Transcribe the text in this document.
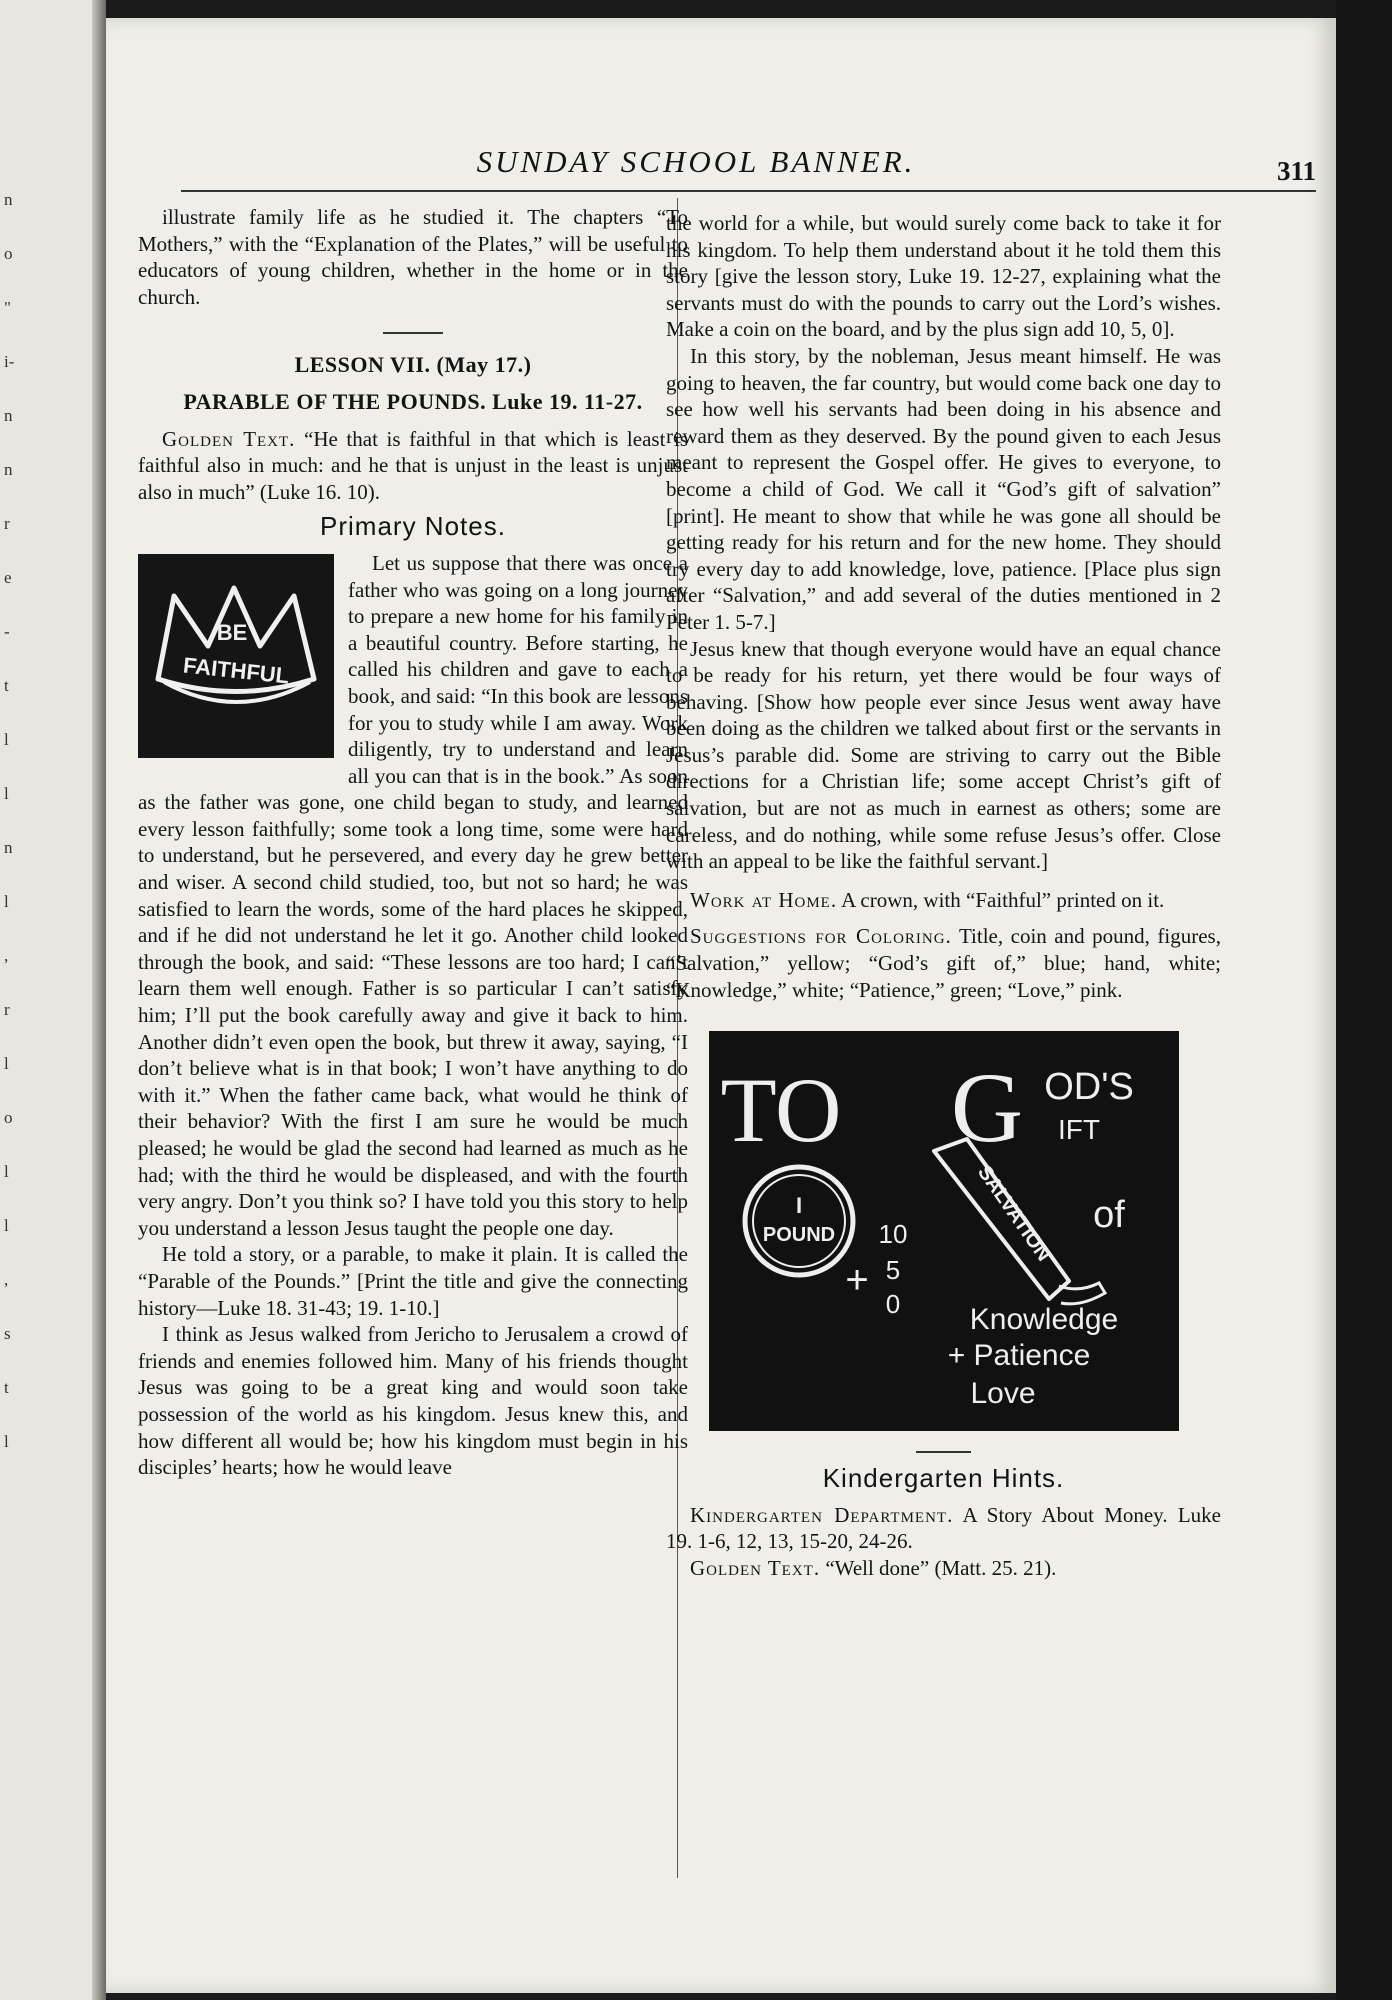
n
o
"
i-
n
n
r
e
-
t
l
l
n
l
,
r
l
o
l
l
,
s
t
l
SUNDAY SCHOOL BANNER.	311

illustrate family life as he studied it. The chapters “To Mothers,” with the “Explanation of the Plates,” will be useful to educators of young children, whether in the home or in the church.

LESSON VII. (May 17.)
PARABLE OF THE POUNDS. Luke 19. 11-27.

Golden Text. “He that is faithful in that which is least is faithful also in much: and he that is unjust in the least is unjust also in much” (Luke 16. 10).

Primary Notes.
BE
FAITHFUL

Let us suppose that there was once a father who was going on a long journey to prepare a new home for his family in a beautiful country. Before starting, he called his children and gave to each a book, and said: “In this book are lessons for you to study while I am away. Work diligently, try to understand and learn all you can that is in the book.” As soon as the father was gone, one child began to study, and learned every lesson faithfully; some took a long time, some were hard to understand, but he persevered, and every day he grew better and wiser. A second child studied, too, but not so hard; he was satisfied to learn the words, some of the hard places he skipped, and if he did not understand he let it go. Another child looked through the book, and said: “These lessons are too hard; I can’t learn them well enough. Father is so particular I can’t satisfy him; I’ll put the book carefully away and give it back to him. Another didn’t even open the book, but threw it away, saying, “I don’t believe what is in that book; I won’t have anything to do with it.” When the father came back, what would he think of their behavior? With the first I am sure he would be much pleased; he would be glad the second had learned as much as he had; with the third he would be displeased, and with the fourth very angry. Don’t you think so? I have told you this story to help you understand a lesson Jesus taught the people one day.

He told a story, or a parable, to make it plain. It is called the “Parable of the Pounds.” [Print the title and give the connecting history—Luke 18. 31-43; 19. 1-10.]

I think as Jesus walked from Jericho to Jerusalem a crowd of friends and enemies followed him. Many of his friends thought Jesus was going to be a great king and would soon take possession of the world as his kingdom. Jesus knew this, and how different all would be; how his kingdom must begin in his disciples’ hearts; how he would leave

the world for a while, but would surely come back to take it for his kingdom. To help them understand about it he told them this story [give the lesson story, Luke 19. 12-27, explaining what the servants must do with the pounds to carry out the Lord’s wishes. Make a coin on the board, and by the plus sign add 10, 5, 0].

In this story, by the nobleman, Jesus meant himself. He was going to heaven, the far country, but would come back one day to see how well his servants had been doing in his absence and reward them as they deserved. By the pound given to each Jesus meant to represent the Gospel offer. He gives to everyone, to become a child of God. We call it “God’s gift of salvation” [print]. He meant to show that while he was gone all should be getting ready for his return and for the new home. They should try every day to add knowledge, love, patience. [Place plus sign after “Salvation,” and add several of the duties mentioned in 2 Peter 1. 5-7.]

Jesus knew that though everyone would have an equal chance to be ready for his return, yet there would be four ways of behaving. [Show how people ever since Jesus went away have been doing as the children we talked about first or the servants in Jesus’s parable did. Some are striving to carry out the Bible directions for a Christian life; some accept Christ’s gift of salvation, but are not as much in earnest as others; some are careless, and do nothing, while some refuse Jesus’s offer. Close with an appeal to be like the faithful servant.]

Work at Home. A crown, with “Faithful” printed on it.

Suggestions for Coloring. Title, coin and pound, figures, “Salvation,” yellow; “God’s gift of,” blue; hand, white; “Knowledge,” white; “Patience,” green; “Love,” pink.

TO G OD'S
IFT
I
POUND
+
10
5
0
SALVATION of
Knowledge
+ Patience
Love
Kindergarten Hints.

Kindergarten Department. A Story About Money. Luke 19. 1-6, 12, 13, 15-20, 24-26.

Golden Text. “Well done” (Matt. 25. 21).
